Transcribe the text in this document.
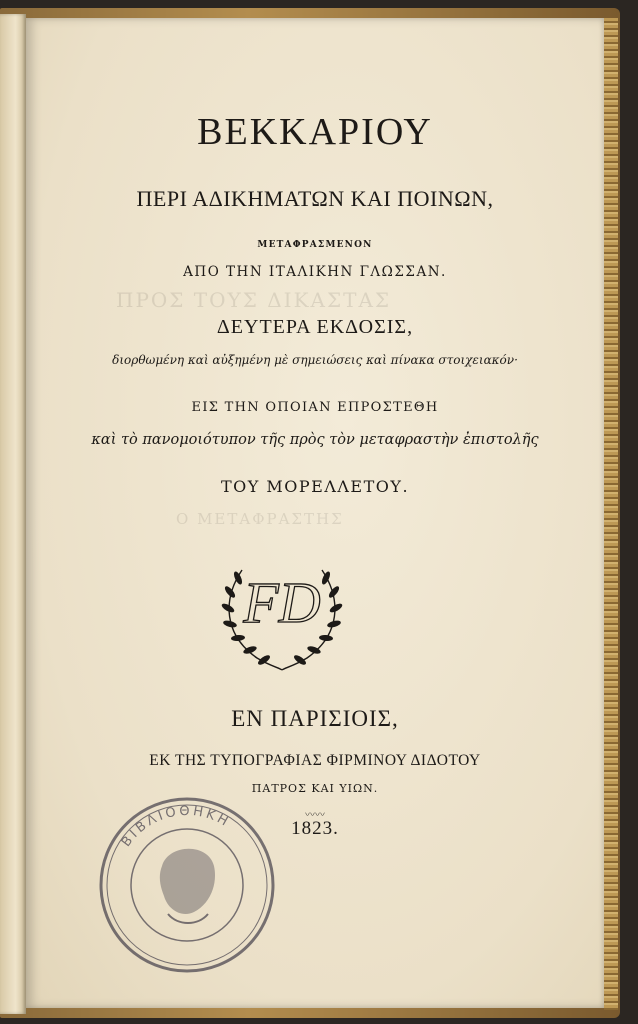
ΠΡΟΣ ΤΟΥΣ ΔΙΚΑΣΤΑΣ
Ο ΜΕΤΑΦΡΑΣΤΗΣ
ΒΕΚΚΑΡΙΟΥ
ΠΕΡΙ ΑΔΙΚΗΜΑΤΩΝ ΚΑΙ ΠΟΙΝΩΝ,
ΜΕΤΑΦΡΑΣΜΕΝΟΝ
ΑΠΟ ΤΗΝ ΙΤΑΛΙΚΗΝ ΓΛΩΣΣΑΝ.
ΔΕΥΤΕΡΑ ΕΚΔΟΣΙΣ,
διορθωμένη καὶ αὐξημένη μὲ σημειώσεις καὶ πίνακα στοιχειακόν·
ΕΙΣ ΤΗΝ ΟΠΟΙΑΝ ΕΠΡΟΣΤΕΘΗ
καὶ τὸ πανομοιότυπον τῆς πρὸς τὸν μεταφραστὴν ἐπιστολῆς
ΤΟΥ ΜΟΡΕΛΛΕΤΟΥ.
FD
ΕΝ ΠΑΡΙΣΙΟΙΣ,
ΕΚ ΤΗΣ ΤΥΠΟΓΡΑΦΙΑΣ ΦΙΡΜΙΝΟΥ ΔΙΔΟΤΟΥ
ΠΑΤΡΟΣ ΚΑΙ ΥΙΩΝ.
〰〰
1823.
ΒΙΒΛΙΟΘΗΚΗ
